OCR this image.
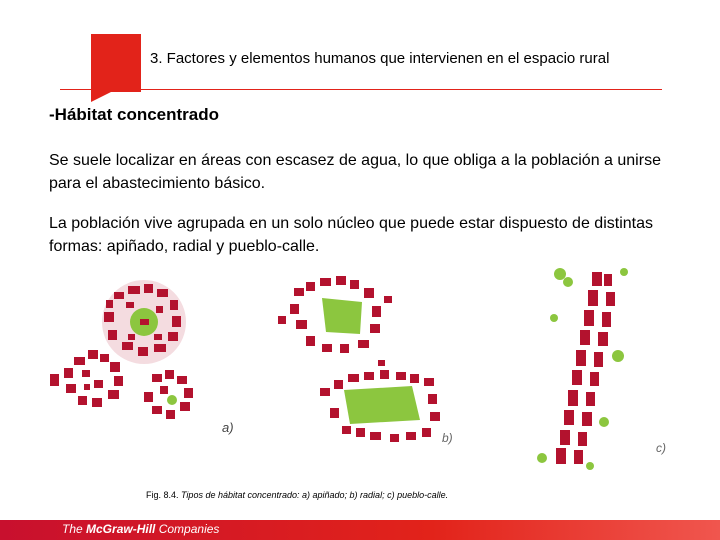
3. Factores y elementos humanos que intervienen en el espacio rural
-Hábitat concentrado
Se suele localizar en áreas con escasez de agua, lo que obliga a la población a unirse para el abastecimiento básico.
La población vive agrupada en un solo núcleo que puede estar dispuesto de distintas formas: apiñado, radial y pueblo-calle.
a)
b)
c)
Fig. 8.4. Tipos de hábitat concentrado: a) apiñado; b) radial; c) pueblo-calle.
The McGraw-Hill Companies
